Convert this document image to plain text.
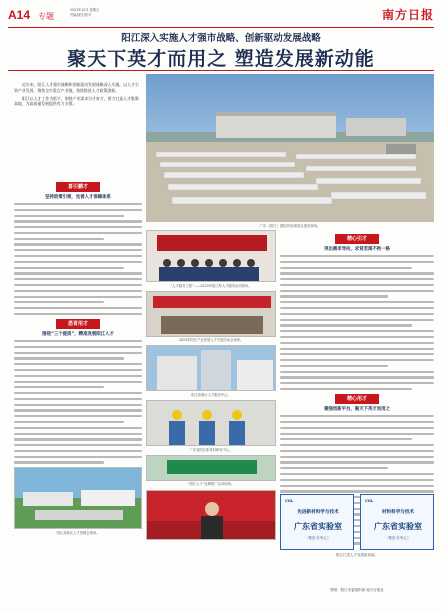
A14 专题
2023年10月 星期五
责编/版式/校对	南方日报
阳江深入实施人才强市战略、创新驱动发展战略
聚天下英才而用之 塑造发展新动能

近年来，阳江人才强市战略和创新驱动发展战略深入实施，以人才引领产业发展，聚焦全市重点产业链，持续推进人才政策创新。

阳江以人才工作为抓手，围绕产业需求引才育才，着力打造人才集聚高地，为高质量发展提供有力支撑。

广东（阳江）国际风电城项目建设现场。
喜引鹏才
坚持政策引领，完善人才保障体系
悉育用才
围绕“三个提质”，精准发展阳江人才
阳江高新区人才招聘会现场。
“人才服务工程”——2023年阳江每人才服务活动现场。
2023年阳江产业发展人才引进洽谈会现场。
阳江高新区人才服务中心。
广东省阳江新材料研发中心。
“阳江人才”品牌推广活动现场。
精心引才
突出需求导向，求贤若渴不拘一格
精心用才
建强创新平台，聚天下英才而用之
CGL
先进新材料学与技术
广东省实验室
（阳江分中心）
CGL
材料科学与技术
广东省实验室
（阳江分中心）
阳江打造人才发展新高地。
策划：阳江市委组织部 南方日报社
